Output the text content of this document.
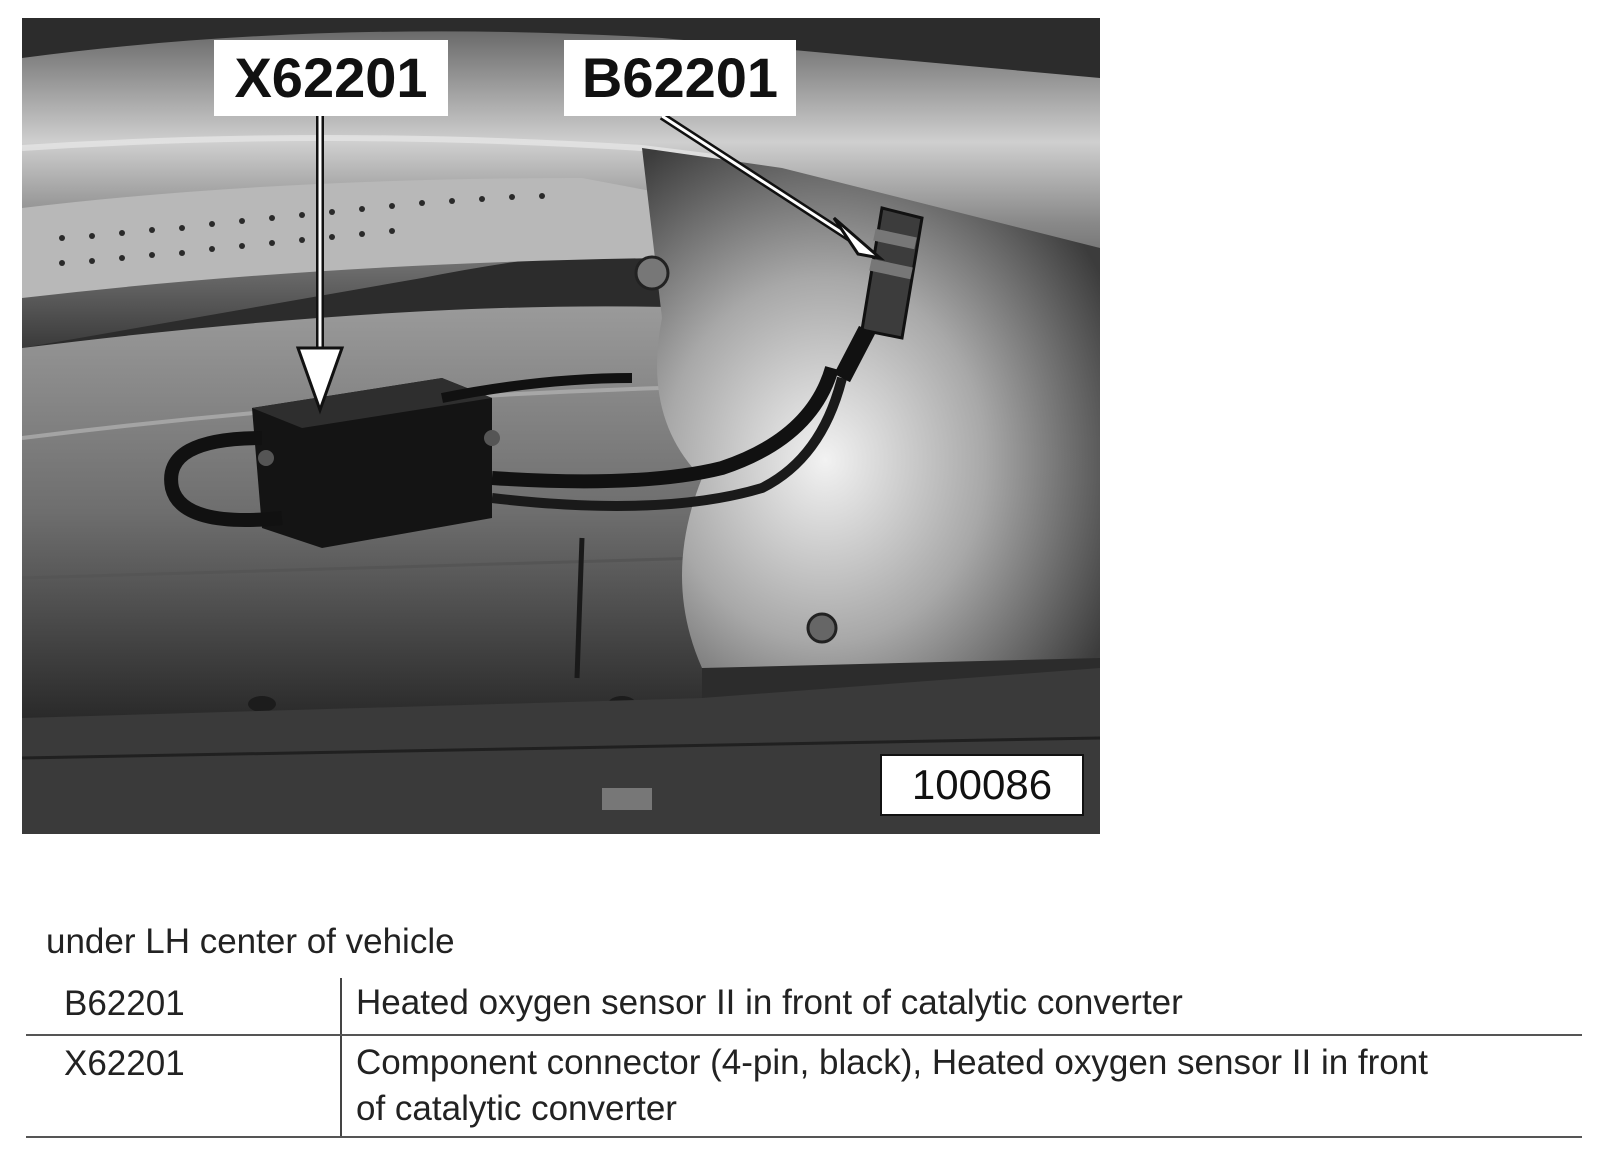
X62201	B62201
100086
under LH center of vehicle
B62201	Heated oxygen sensor II in front of catalytic converter
X62201	Component connector (4-pin, black), Heated oxygen sensor II in front of catalytic converter
